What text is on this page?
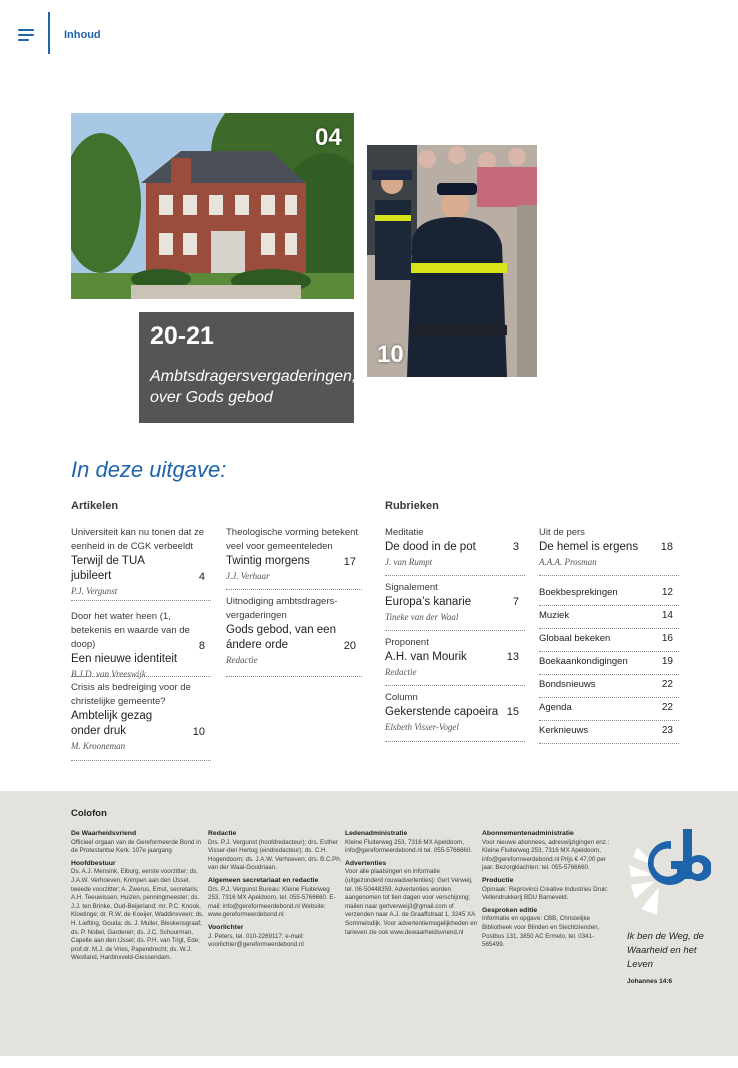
Inhoud
04
10
20-21
Ambtsdragersvergaderingen, over Gods gebod
In deze uitgave:
Artikelen	Rubrieken
Universiteit kan nu tonen dat ze eenheid in de CGK verbeeldt
Terwijl de TUA jubileert	4
P.J. Vergunst
Door het water heen (1, betekenis en waarde van de doop)
Een nieuwe identiteit
8
B.J.D. van Vreeswijk
Crisis als bedreiging voor de christelijke gemeente?
Ambtelijk gezag onder druk	10
M. Krooneman
Theologische vorming betekent veel voor gemeenteleden
Twintig morgens	17
J.J. Verhaar
Uitnodiging ambtsdragers-vergaderingen
Gods gebod, van een ándere orde	20
Redactie
Meditatie
De dood in de pot	3
J. van Rumpt
Signalement
Europa’s kanarie	7
Tineke van der Waal
Proponent
A.H. van Mourik	13
Redactie
Column
Gekerstende capoeira 15
Elsbeth Visser-Vogel
Uit de pers
De hemel is ergens	18
A.A.A. Prosman
Boekbesprekingen	12
Muziek	14
Globaal bekeken	16
Boekaankondigingen	19
Bondsnieuws	22
Agenda	22
Kerknieuws	23
Colofon
De Waarheidsvriend
Officieel orgaan van de Gereformeerde Bond in de Protestantse Kerk. 107e jaargang
Hoofdbestuur
Ds. A.J. Mensink, Elburg, eerste voorzitter; ds. J.A.W. Verhoeven, Krimpen aan den IJssel, tweede voorzitter; A. Zwerus, Emst, secretaris; A.H. Teeuwissen, Huizen, penningmeester; ds. J.J. ten Brinke, Oud-Beijerland; mr. P.C. Knook, Kloetinge; dr. R.W. de Koeijer, Waddinxveen; ds. H. Liefting, Gouda; ds. J. Muller, Bleskensgraaf; ds. P. Nobel, Garderen; ds. J.C. Schuurman, Capelle aan den IJssel; ds. P.H. van Trigt, Ede; prof.dr. M.J. de Vries, Papendrecht; ds. W.J. Westland, Hardinxveld-Giessendam.
Redactie
Drs. P.J. Vergunst (hoofdredacteur); drs. Esther Visser-den Hertog (eindredacteur); ds. C.H. Hogendoorn; ds. J.A.W. Verhoeven; drs. B.C.Ph. van der Waal-Goudriaan.
Algemeen secretariaat en redactie
Drs. P.J. Vergunst Bureau: Kleine Fluiterweg 253, 7316 MX Apeldoorn, tel. 055-5766660. E-mail: info@gereformeerdebond.nl Website: www.gereformeerdebond.nl
Voorlichter
J. Peters, tel. 010-2269117; e-mail: voorlichter@gereformeerdebond.nl
Ledenadministratie
Kleine Fluiterweg 253, 7316 MX Apeldoorn, info@gereformeerdebond.nl tel. 055-5766660.
Advertenties
Voor alle plaatsingen en informatie (uitgezonderd rouwadvertenties): Gert Verweij, tel. 06-50448359. Advertenties worden aangenomen tot tien dagen voor verschijning; mailen naar gertverweij3@gmail.com of verzenden naar A.J. de Graaffstraat 1, 3245 XA Sommelsdijk. Voor advertentiemogelijkheden en tarieven zie ook www.dewaarheidsvriend.nl
Abonnementenadministratie
Voor nieuwe abonnees, adreswijzigingen enz.: Kleine Fluiterweg 253, 7316 MX Apeldoorn, info@gereformeerdebond.nl Prijs € 47,00 per jaar. Bezorgklachten: tel. 055-5766660.
Productie
Opmaak: Reprovinci Creative Industries Druk: Vellendrukkerij BDU Barneveld.
Gesproken editie
Informatie en opgave: CBB, Christelijke Bibliotheek voor Blinden en Slechtzienden, Postbus 131, 3850 AC Ermelo, tel. 0341-565499.
Ik ben de Weg, de Waarheid en het Leven
Johannes 14:6
